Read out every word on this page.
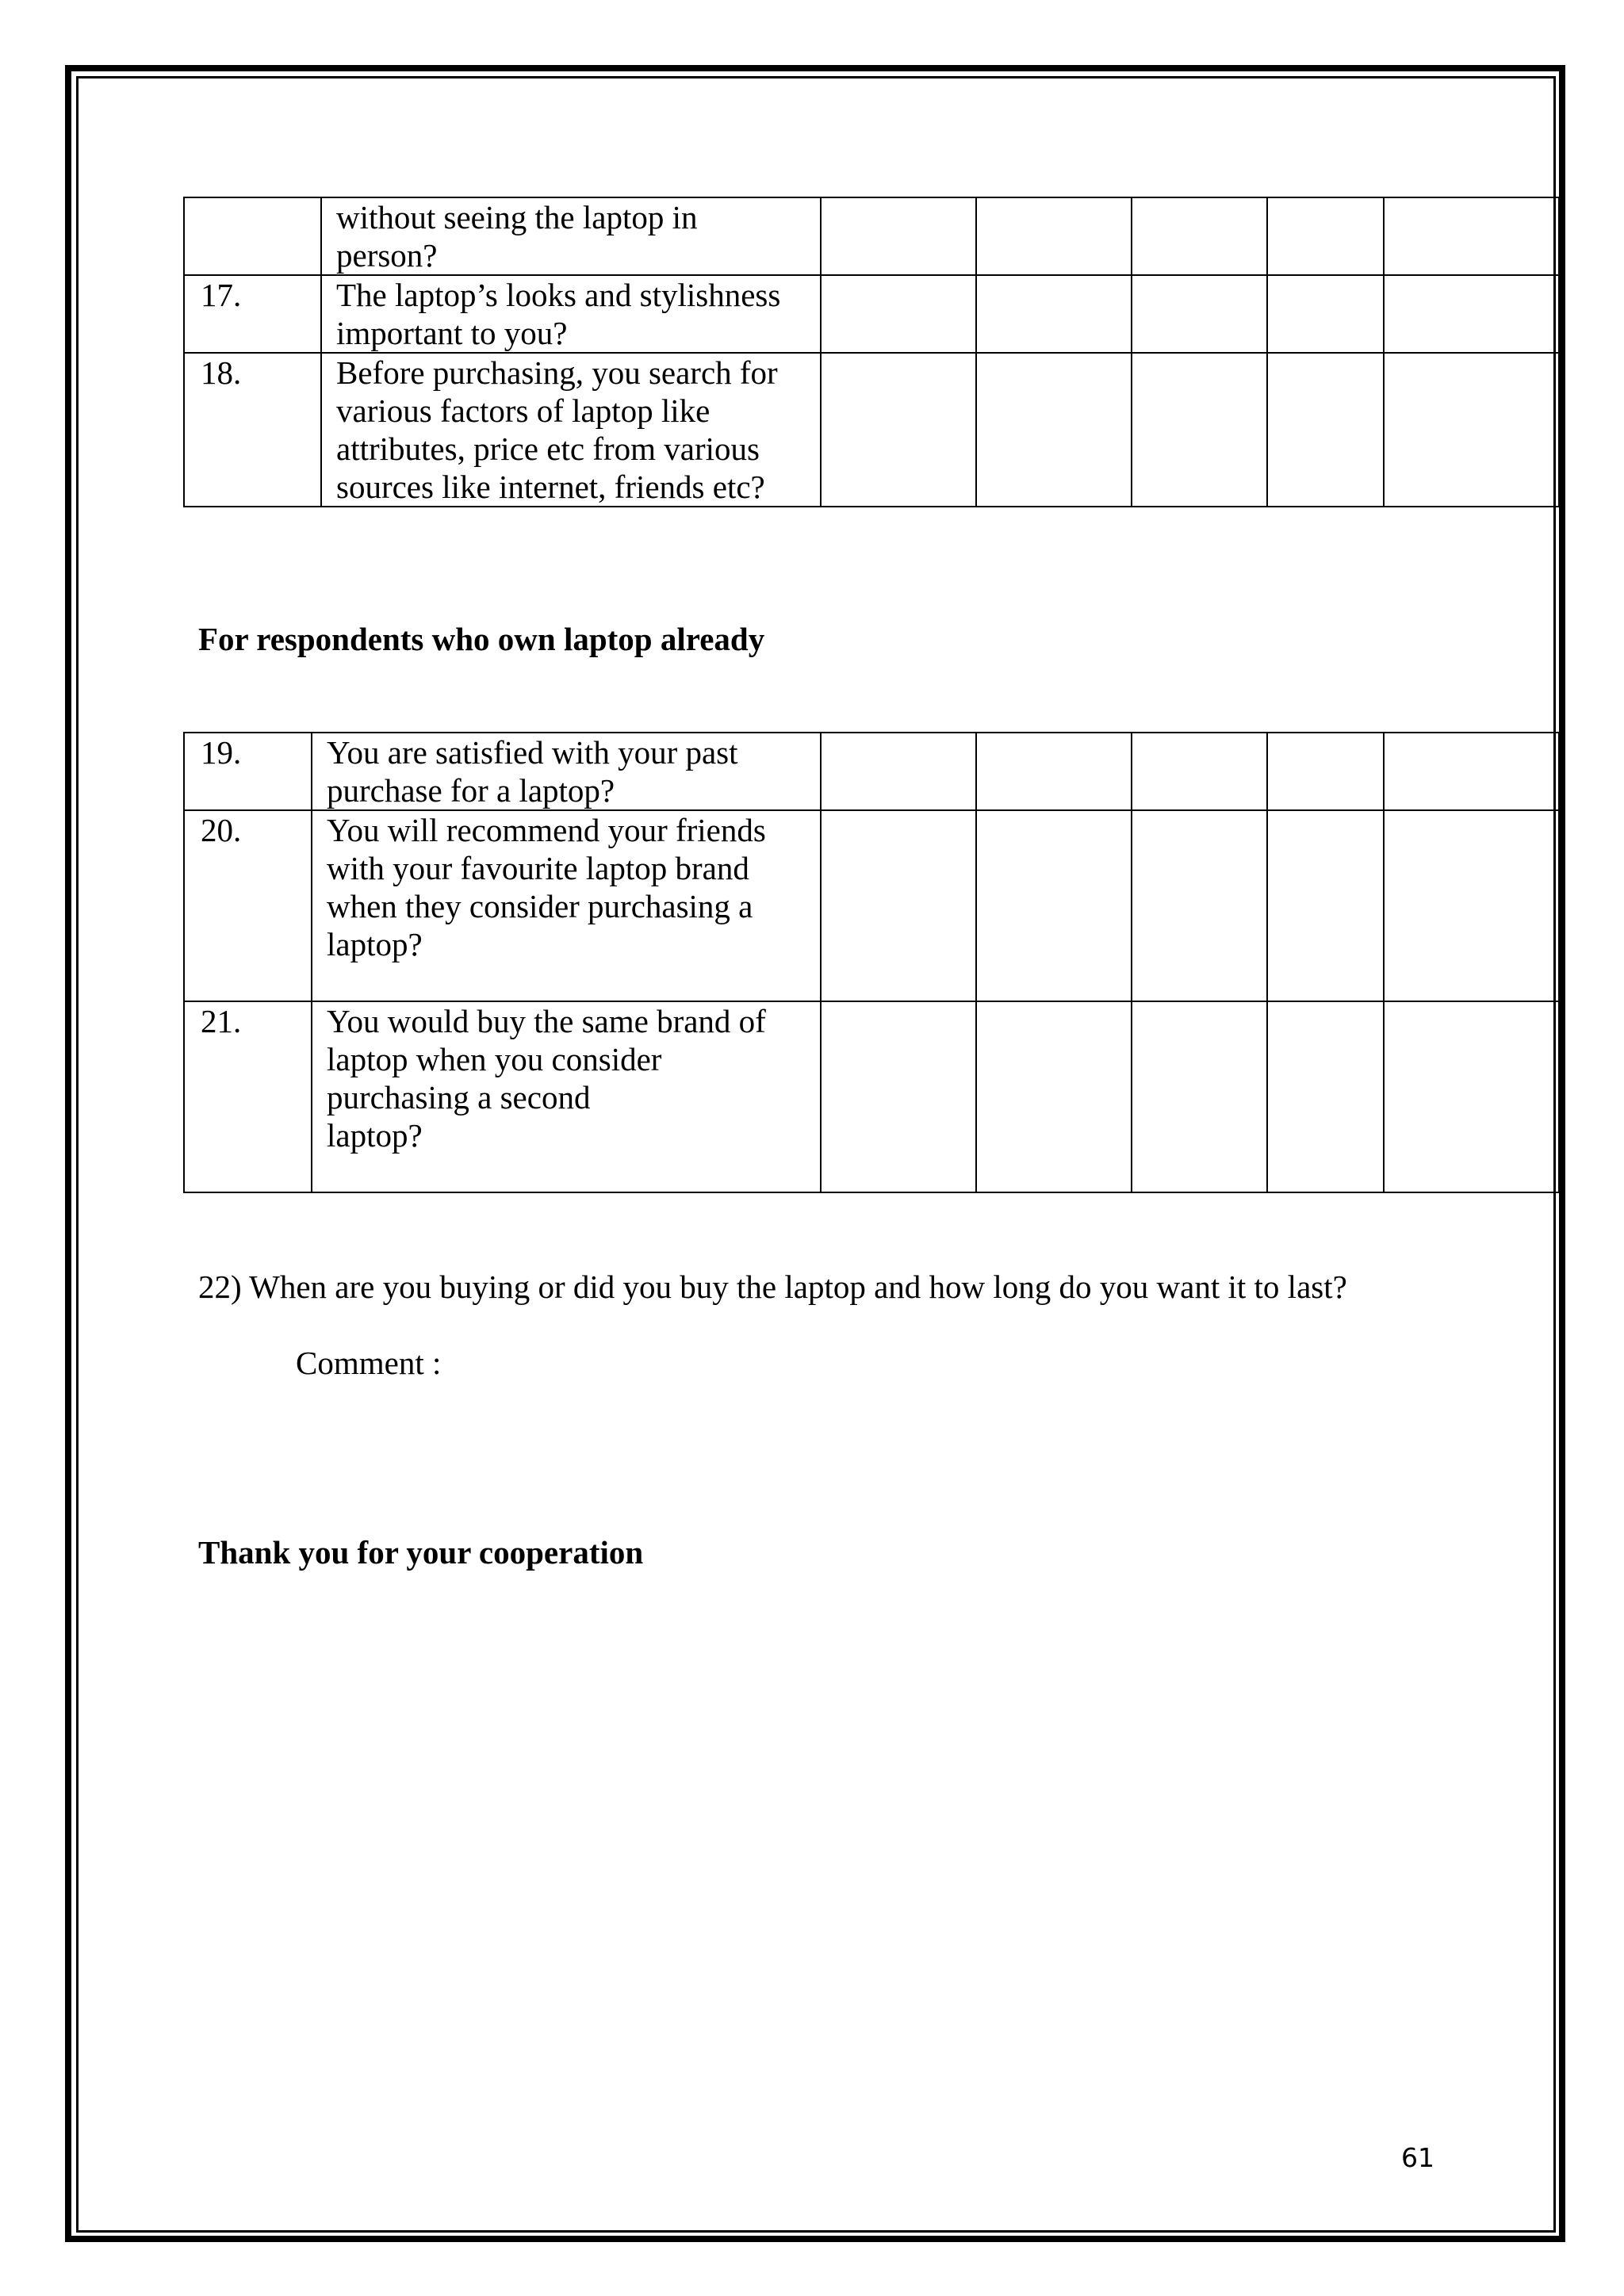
	without seeing the laptop in
person?					
17.	The laptop’s looks and stylishness
important to you?					
18.	Before purchasing, you search for
various factors of laptop like
attributes, price etc from various
sources like internet, friends etc?					
For respondents who own laptop already
19.	You are satisfied with your past
purchase for a laptop?					
20.	You will recommend your friends
with your favourite laptop brand
when they consider purchasing a
laptop?					
21.	You would buy the same brand of
laptop when you consider
purchasing a second
laptop?					
22) When are you buying or did you buy the laptop and how long do you want it to last?
Comment :
Thank you for your cooperation
61
